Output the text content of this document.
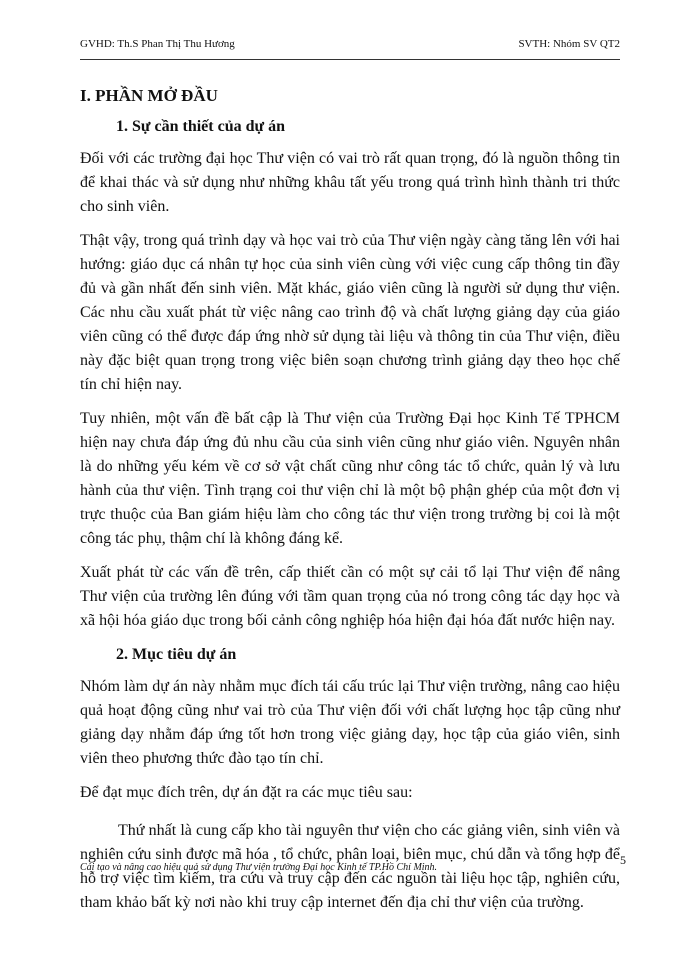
GVHD: Th.S Phan Thị Thu Hương	SVTH: Nhóm SV QT2
I. PHẦN MỞ ĐẦU
1. Sự cần thiết của dự án

Đối với các trường đại học Thư viện có vai trò rất quan trọng, đó là nguồn thông tin để khai thác và sử dụng như những khâu tất yếu trong quá trình hình thành tri thức cho sinh viên.

Thật vậy, trong quá trình dạy và học vai trò của Thư viện ngày càng tăng lên với hai hướng: giáo dục cá nhân tự học của sinh viên cùng với việc cung cấp thông tin đầy đủ và gần nhất đến sinh viên. Mặt khác, giáo viên cũng là người sử dụng thư viện. Các nhu cầu xuất phát từ việc nâng cao trình độ và chất lượng giảng dạy của giáo viên cũng có thể được đáp ứng nhờ sử dụng tài liệu và thông tin của Thư viện, điều này đặc biệt quan trọng trong việc biên soạn chương trình giảng dạy theo học chế tín chỉ hiện nay.

Tuy nhiên, một vấn đề bất cập là Thư viện của Trường Đại học Kinh Tế TPHCM hiện nay chưa đáp ứng đủ nhu cầu của sinh viên cũng như giáo viên. Nguyên nhân là do những yếu kém về cơ sở vật chất cũng như công tác tổ chức, quản lý và lưu hành của thư viện. Tình trạng coi thư viện chỉ là một bộ phận ghép của một đơn vị trực thuộc của Ban giám hiệu làm cho công tác thư viện trong trường bị coi là một công tác phụ, thậm chí là không đáng kể.

Xuất phát từ các vấn đề trên, cấp thiết cần có một sự cải tổ lại Thư viện để nâng Thư viện của trường lên đúng với tầm quan trọng của nó trong công tác dạy học và xã hội hóa giáo dục trong bối cảnh công nghiệp hóa hiện đại hóa đất nước hiện nay.

2. Mục tiêu dự án

Nhóm làm dự án này nhằm mục đích tái cấu trúc lại Thư viện trường, nâng cao hiệu quả hoạt động cũng như vai trò của Thư viện đối với chất lượng học tập cũng như giảng dạy nhằm đáp ứng tốt hơn trong việc giảng dạy, học tập của giáo viên, sinh viên theo phương thức đào tạo tín chỉ.

Để đạt mục đích trên, dự án đặt ra các mục tiêu sau:

Thứ nhất là cung cấp kho tài nguyên thư viện cho các giảng viên, sinh viên và nghiên cứu sinh được mã hóa , tổ chức, phân loại, biên mục, chú dẫn và tổng hợp để hỗ trợ việc tìm kiếm, tra cứu và truy cập đến các nguồn tài liệu học tập, nghiên cứu, tham khảo bất kỳ nơi nào khi truy cập internet đến địa chỉ thư viện của trường.

Cải tạo và nâng cao hiệu quả sử dụng Thư viện trường Đại học Kinh tế TP.Hồ Chí Minh.
5
